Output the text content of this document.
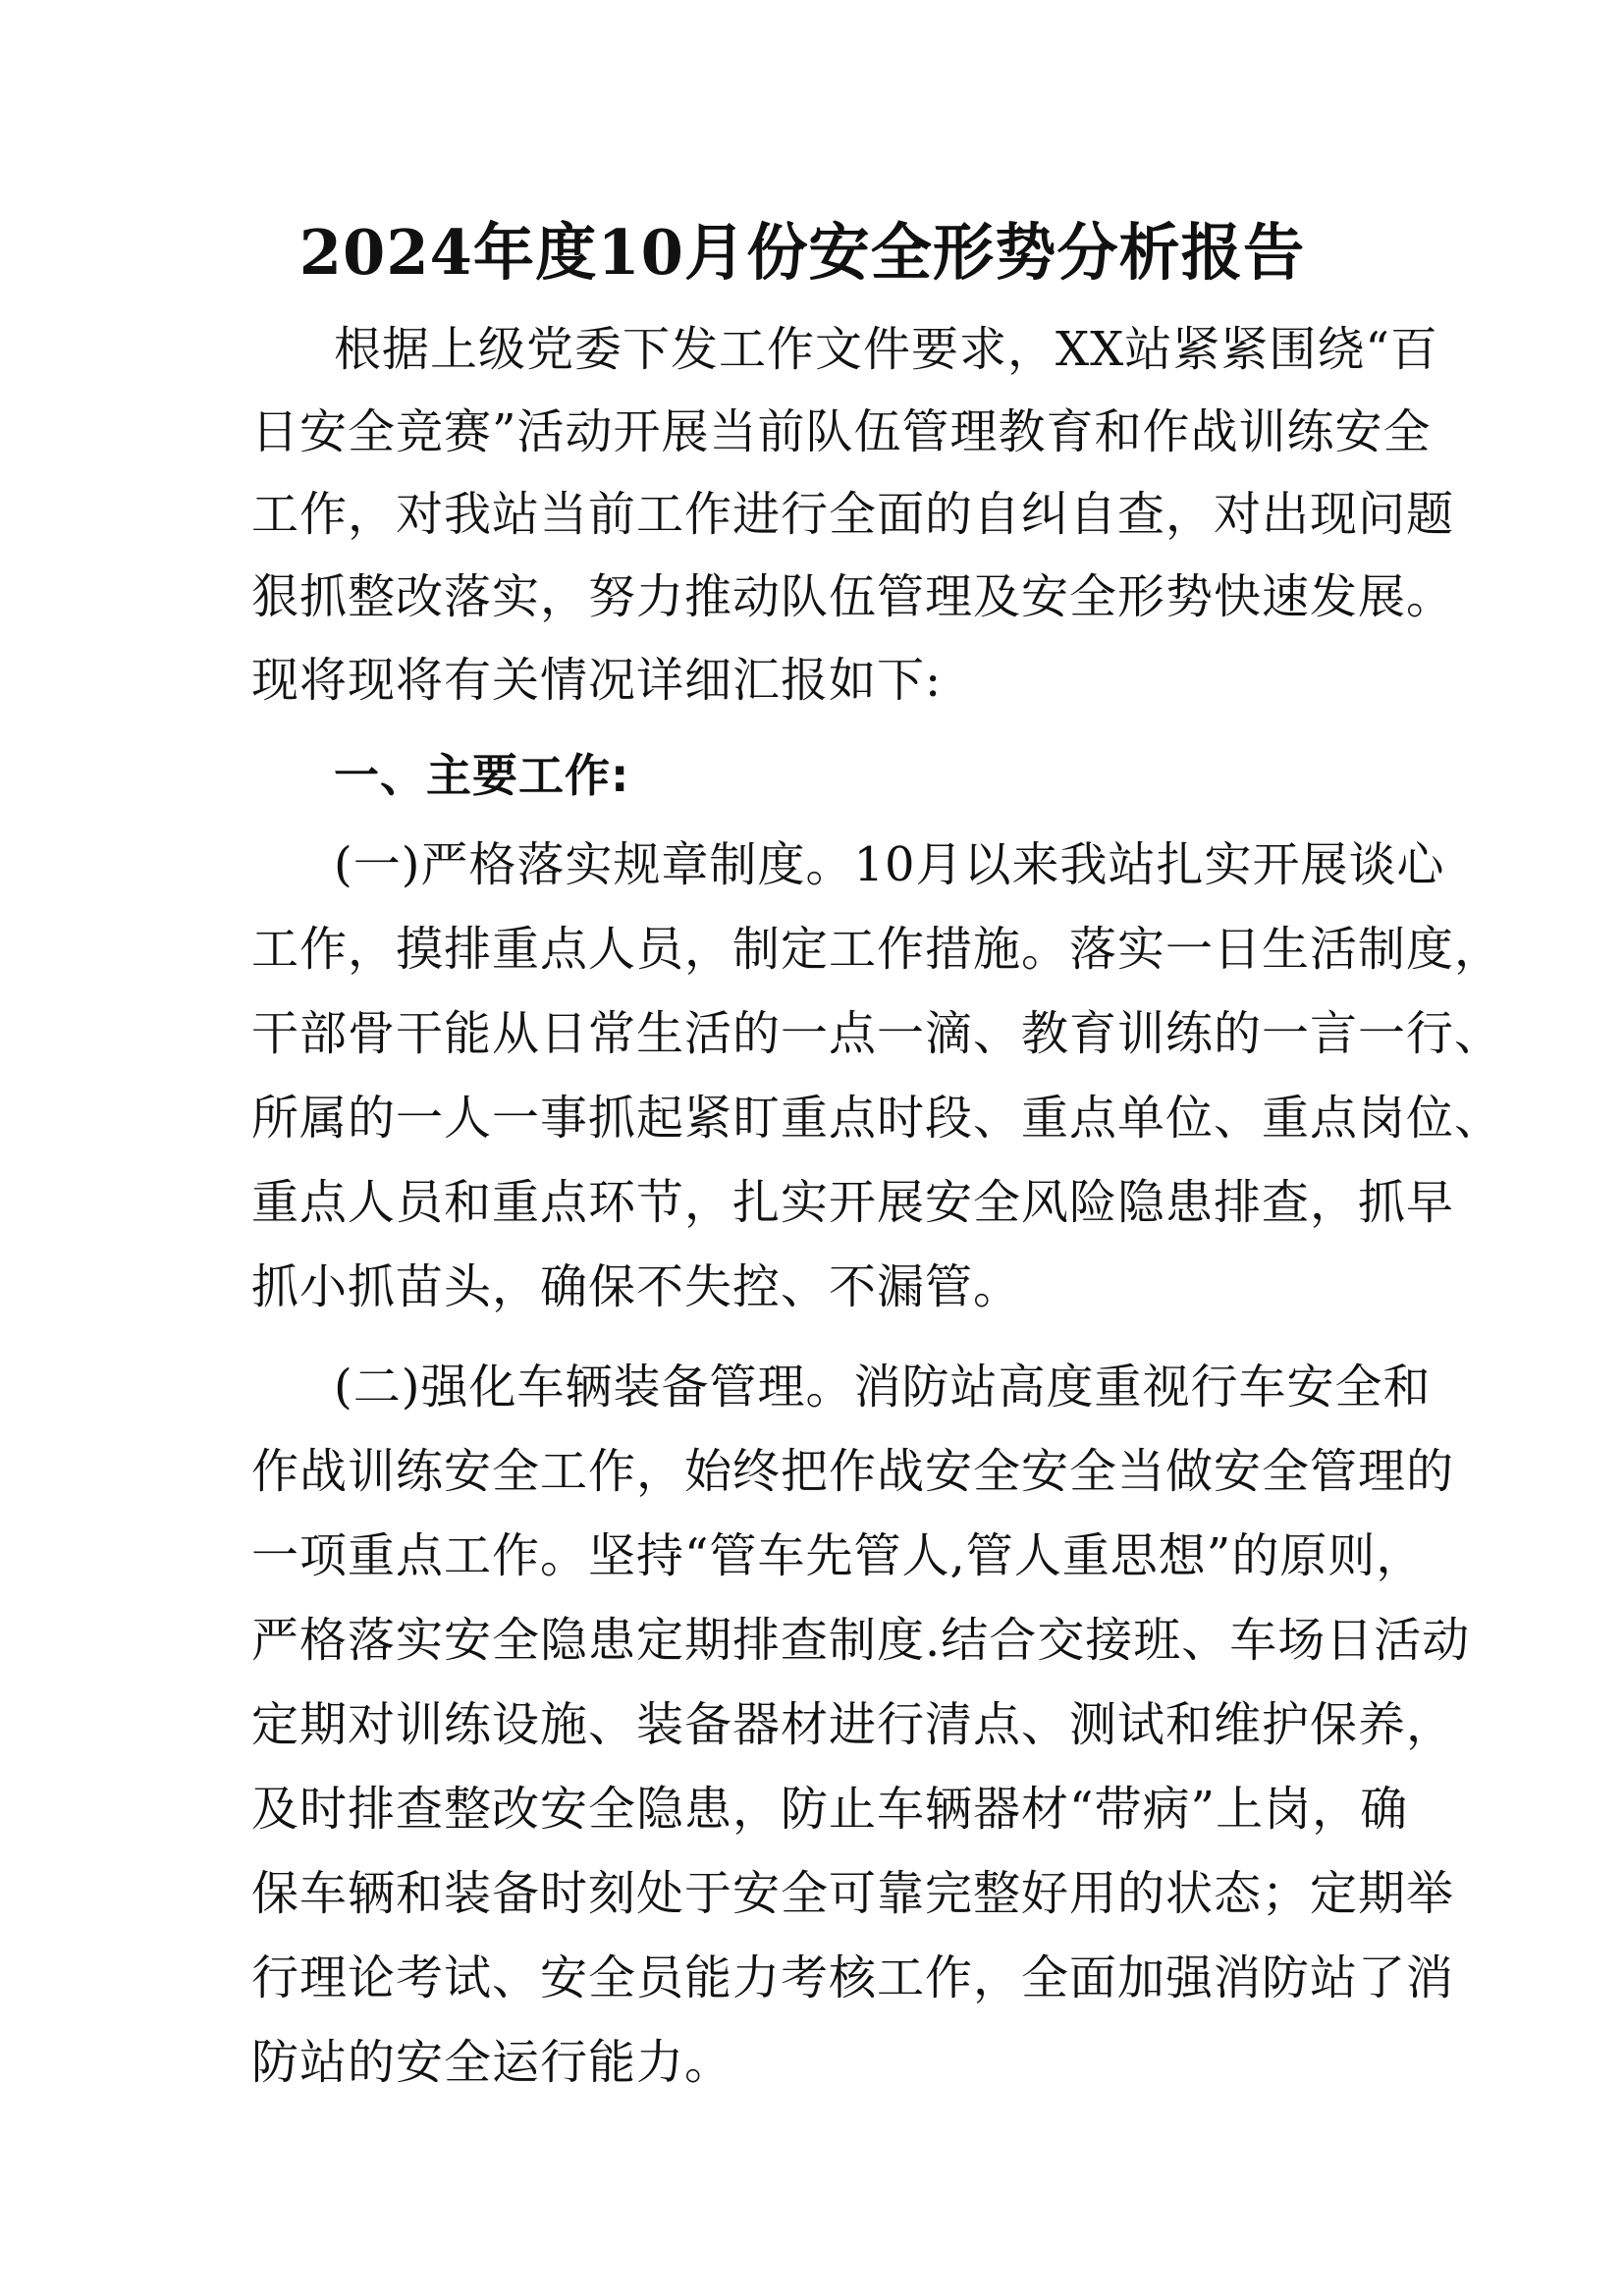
2024年度10月份安全形势分析报告
根据上级党委下发工作文件要求，XX站紧紧围绕“百
日安全竞赛”活动开展当前队伍管理教育和作战训练安全
工作，对我站当前工作进行全面的自纠自查，对出现问题
狠抓整改落实，努力推动队伍管理及安全形势快速发展。
现将现将有关情况详细汇报如下:
一、主要工作:
(一)严格落实规章制度。10月以来我站扎实开展谈心
工作，摸排重点人员，制定工作措施。落实一日生活制度，
干部骨干能从日常生活的一点一滴、教育训练的一言一行、
所属的一人一事抓起紧盯重点时段、重点单位、重点岗位、
重点人员和重点环节，扎实开展安全风险隐患排查，抓早
抓小抓苗头，确保不失控、不漏管。
(二)强化车辆装备管理。消防站高度重视行车安全和
作战训练安全工作，始终把作战安全安全当做安全管理的
一项重点工作。坚持“管车先管人,管人重思想”的原则，
严格落实安全隐患定期排查制度.结合交接班、车场日活动
定期对训练设施、装备器材进行清点、测试和维护保养，
及时排查整改安全隐患，防止车辆器材“带病”上岗，确
保车辆和装备时刻处于安全可靠完整好用的状态；定期举
行理论考试、安全员能力考核工作，全面加强消防站了消
防站的安全运行能力。
